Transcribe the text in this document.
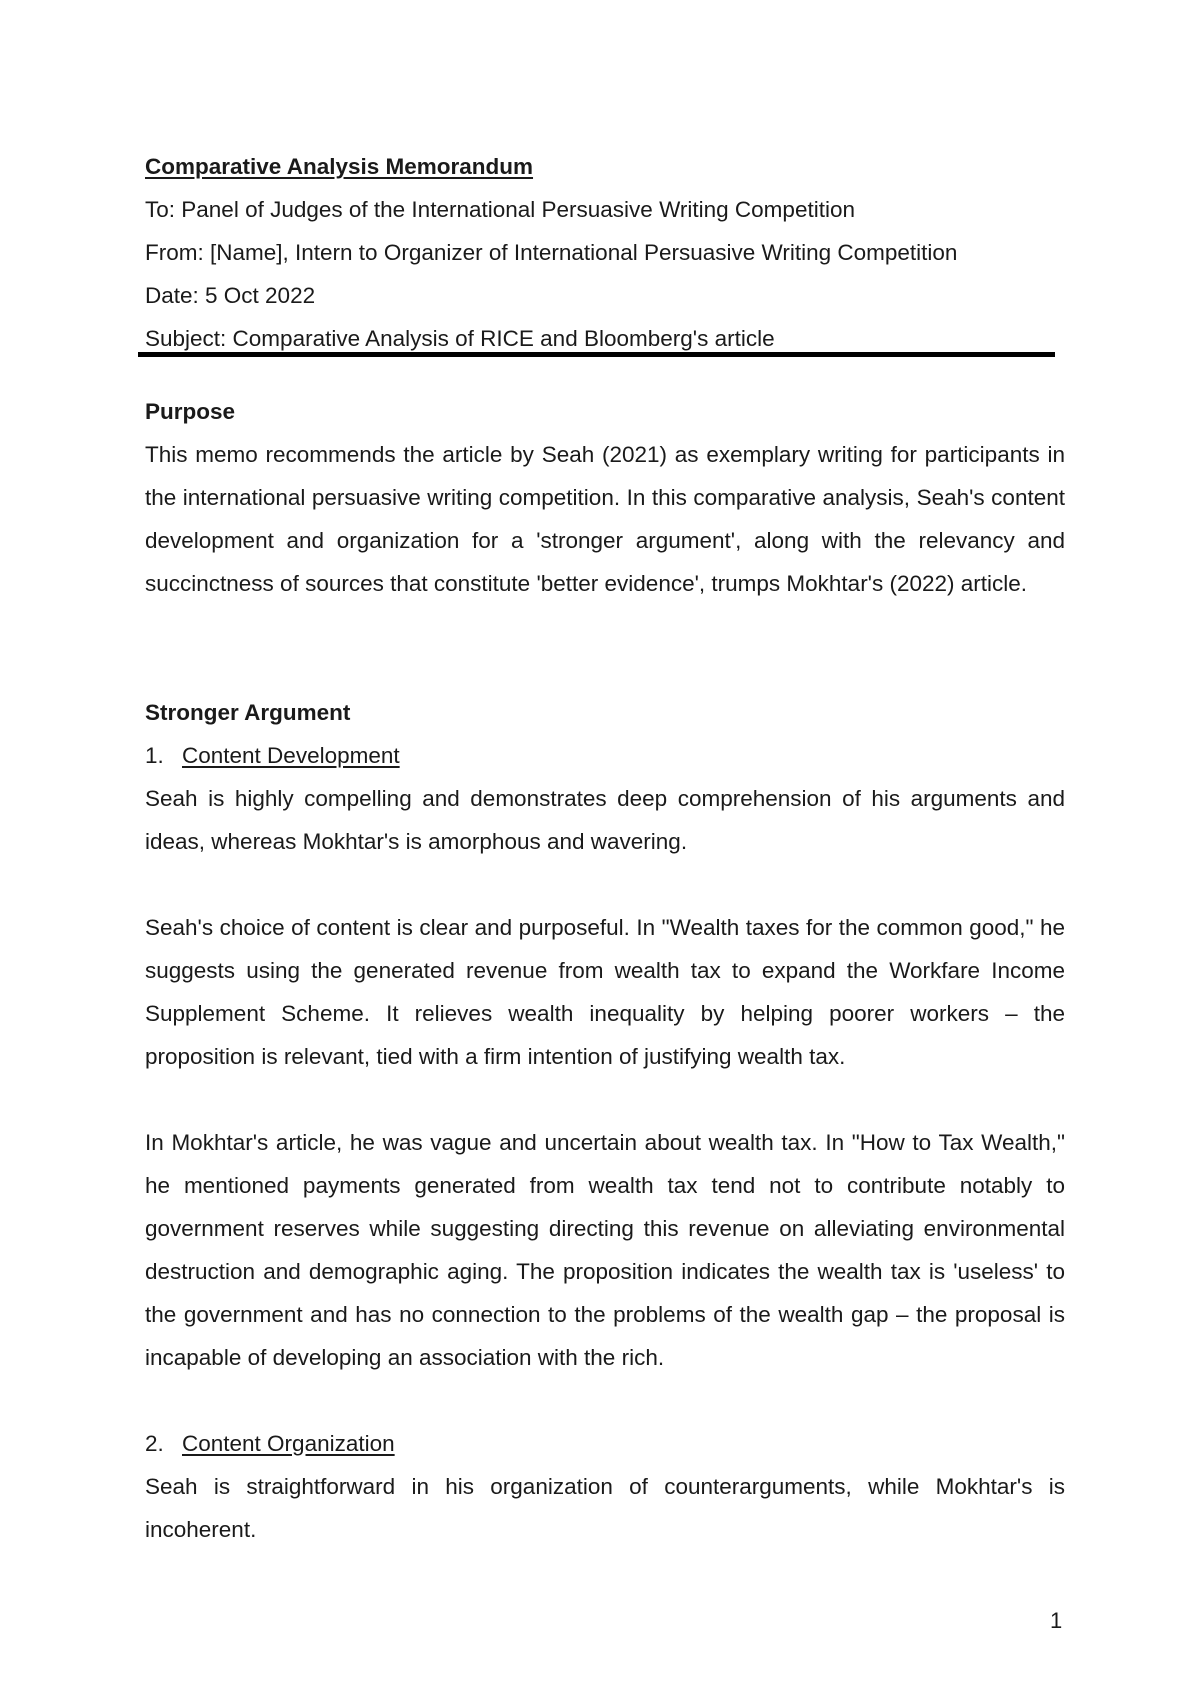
Comparative Analysis Memorandum

To: Panel of Judges of the International Persuasive Writing Competition

From: [Name], Intern to Organizer of International Persuasive Writing Competition

Date: 5 Oct 2022

Subject: Comparative Analysis of RICE and Bloomberg's article

Purpose

This memo recommends the article by Seah (2021) as exemplary writing for participants in the international persuasive writing competition. In this comparative analysis, Seah's content development and organization for a 'stronger argument', along with the relevancy and succinctness of sources that constitute 'better evidence', trumps Mokhtar's (2022) article.

Stronger Argument

1. Content Development

Seah is highly compelling and demonstrates deep comprehension of his arguments and ideas, whereas Mokhtar's is amorphous and wavering.

Seah's choice of content is clear and purposeful. In "Wealth taxes for the common good," he suggests using the generated revenue from wealth tax to expand the Workfare Income Supplement Scheme. It relieves wealth inequality by helping poorer workers – the proposition is relevant, tied with a firm intention of justifying wealth tax.

In Mokhtar's article, he was vague and uncertain about wealth tax. In "How to Tax Wealth," he mentioned payments generated from wealth tax tend not to contribute notably to government reserves while suggesting directing this revenue on alleviating environmental destruction and demographic aging. The proposition indicates the wealth tax is 'useless' to the government and has no connection to the problems of the wealth gap – the proposal is incapable of developing an association with the rich.

2. Content Organization

Seah is straightforward in his organization of counterarguments, while Mokhtar's is incoherent.

1
